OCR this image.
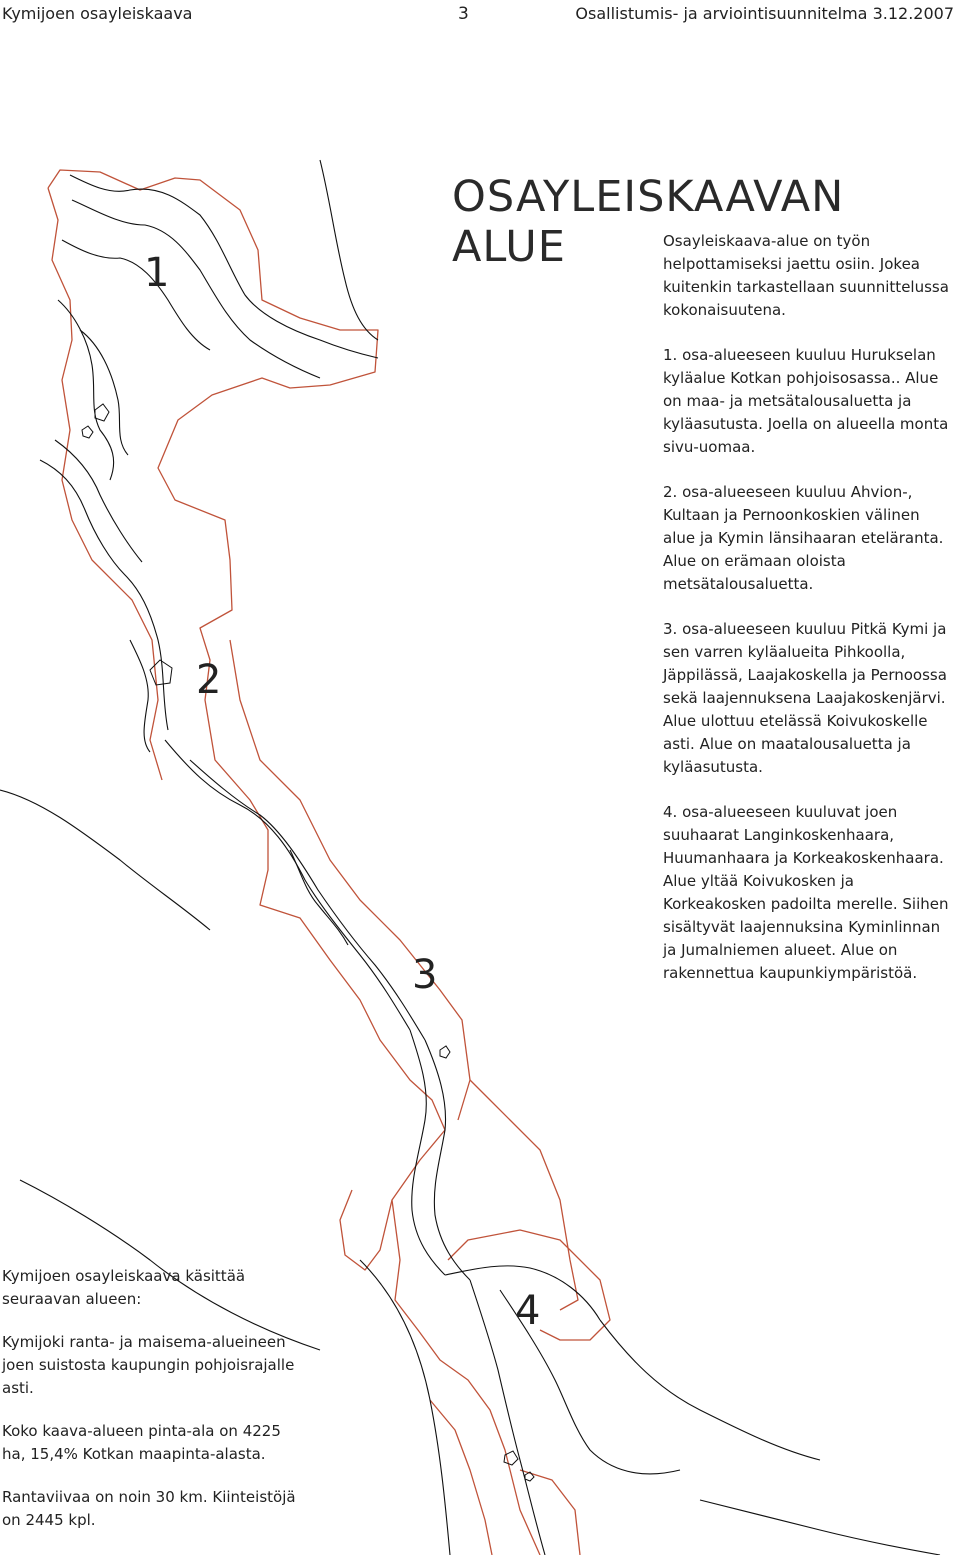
Kymijoen osayleiskaava	3	Osallistumis- ja arviointisuunnitelma 3.12.2007
OSAYLEISKAAVAN ALUE
1
2
3
4

Osayleiskaava-alue on työn helpottamiseksi jaettu osiin. Jokea kuitenkin tarkastellaan suunnittelussa kokonaisuutena.

1. osa-alueeseen kuuluu Hurukselan kyläalue Kotkan pohjoisosassa.. Alue on maa- ja metsätalousaluetta ja kyläasutusta. Joella on alueella monta sivu-uomaa.

2. osa-alueeseen kuuluu Ahvion-, Kultaan ja Pernoonkoskien välinen alue ja Kymin länsihaaran eteläranta. Alue on erämaan oloista metsätalousaluetta.

3. osa-alueeseen kuuluu Pitkä Kymi ja sen varren kyläalueita Pihkoolla, Jäppilässä, Laajakoskella ja Pernoossa sekä laajennuksena Laajakoskenjärvi. Alue ulottuu etelässä Koivukoskelle asti. Alue on maatalousaluetta ja kyläasutusta.

4. osa-alueeseen kuuluvat joen suuhaarat Langinkoskenhaara, Huumanhaara ja Korkeakoskenhaara. Alue yltää Koivukosken ja Korkeakosken padoilta merelle. Siihen sisältyvät laajennuksina Kyminlinnan ja Jumalniemen alueet. Alue on rakennettua kaupunkiympäristöä.

Kymijoen osayleiskaava käsittää seuraavan alueen:

Kymijoki ranta- ja maisema-alueineen joen suistosta kaupungin pohjoisrajalle asti.

Koko kaava-alueen pinta-ala on 4225 ha, 15,4% Kotkan maapinta-alasta.

Rantaviivaa on noin 30 km. Kiinteistöjä on 2445 kpl.
